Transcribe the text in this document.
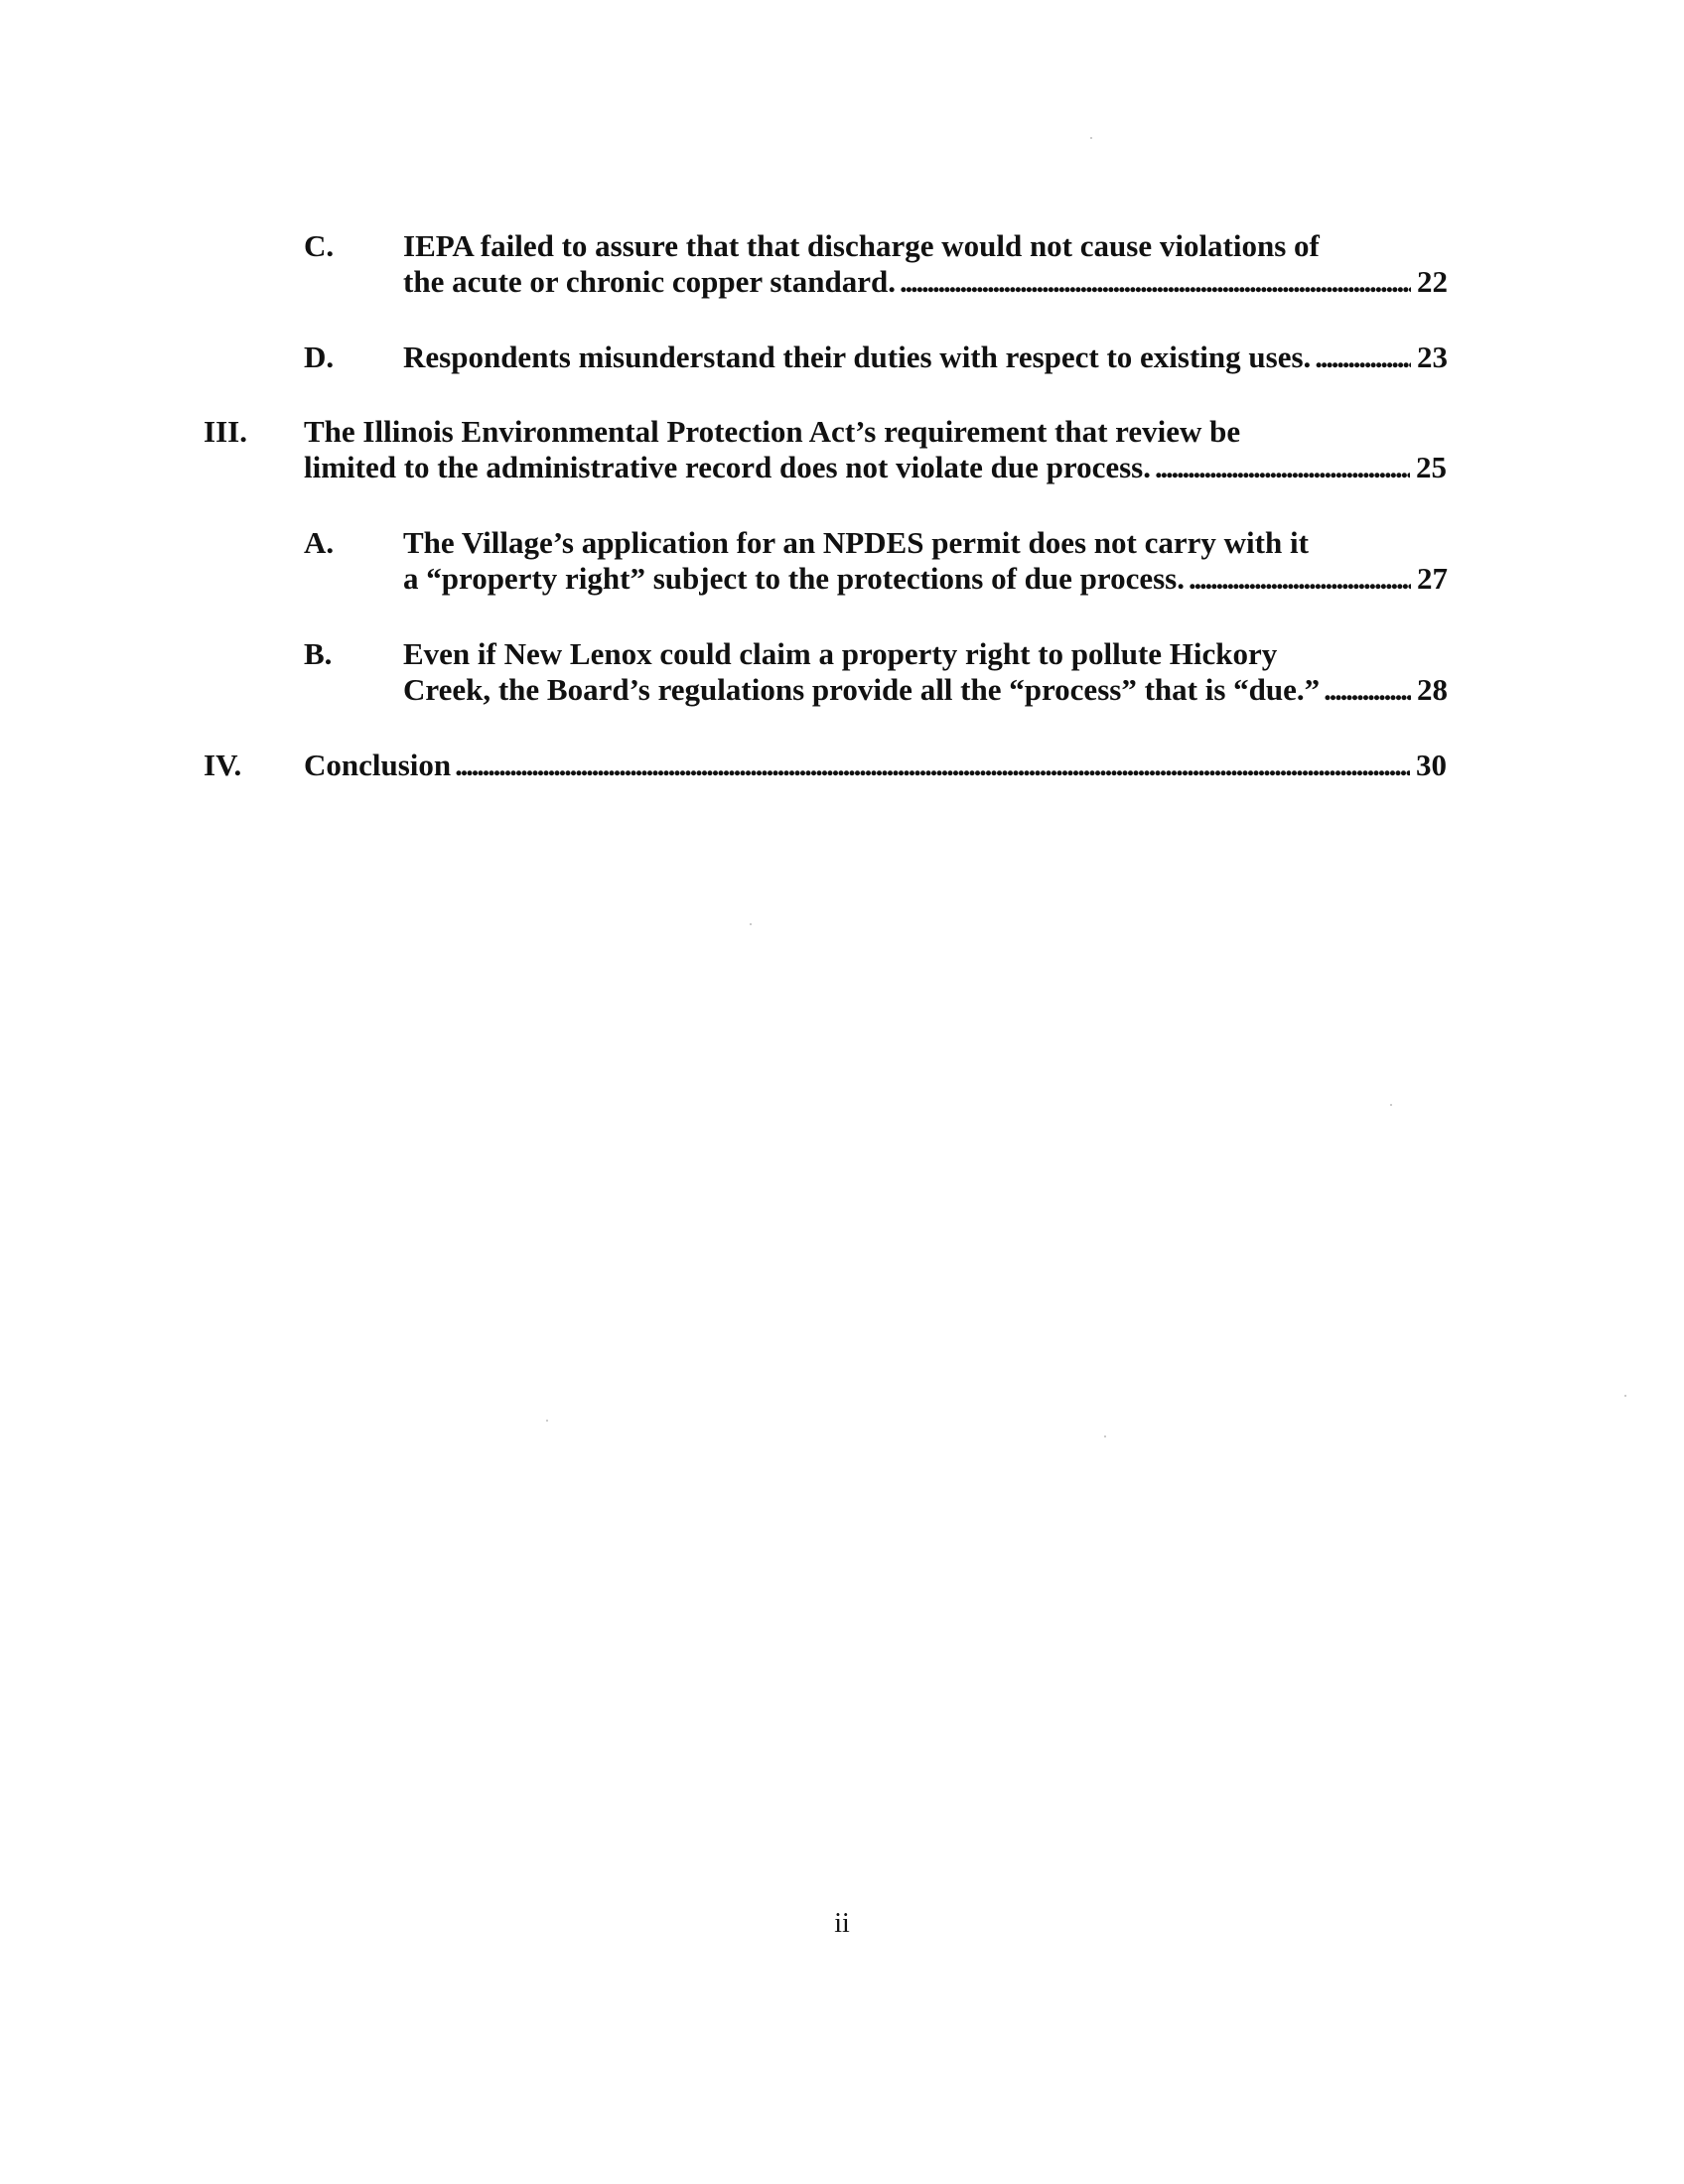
C. IEPA failed to assure that that discharge would not cause violations of
the acute or chronic copper standard. . . .	22
D. Respondents misunderstand their duties with respect to existing uses. . . .	23
III. The Illinois Environmental Protection Act’s requirement that review be
limited to the administrative record does not violate due process. . . .	25
A. The Village’s application for an NPDES permit does not carry with it
a “property right” subject to the protections of due process. . . .	27
B. Even if New Lenox could claim a property right to pollute Hickory
Creek, the Board’s regulations provide all the “process” that is “due.” . . .	28
IV. Conclusion . . .	30
ii
